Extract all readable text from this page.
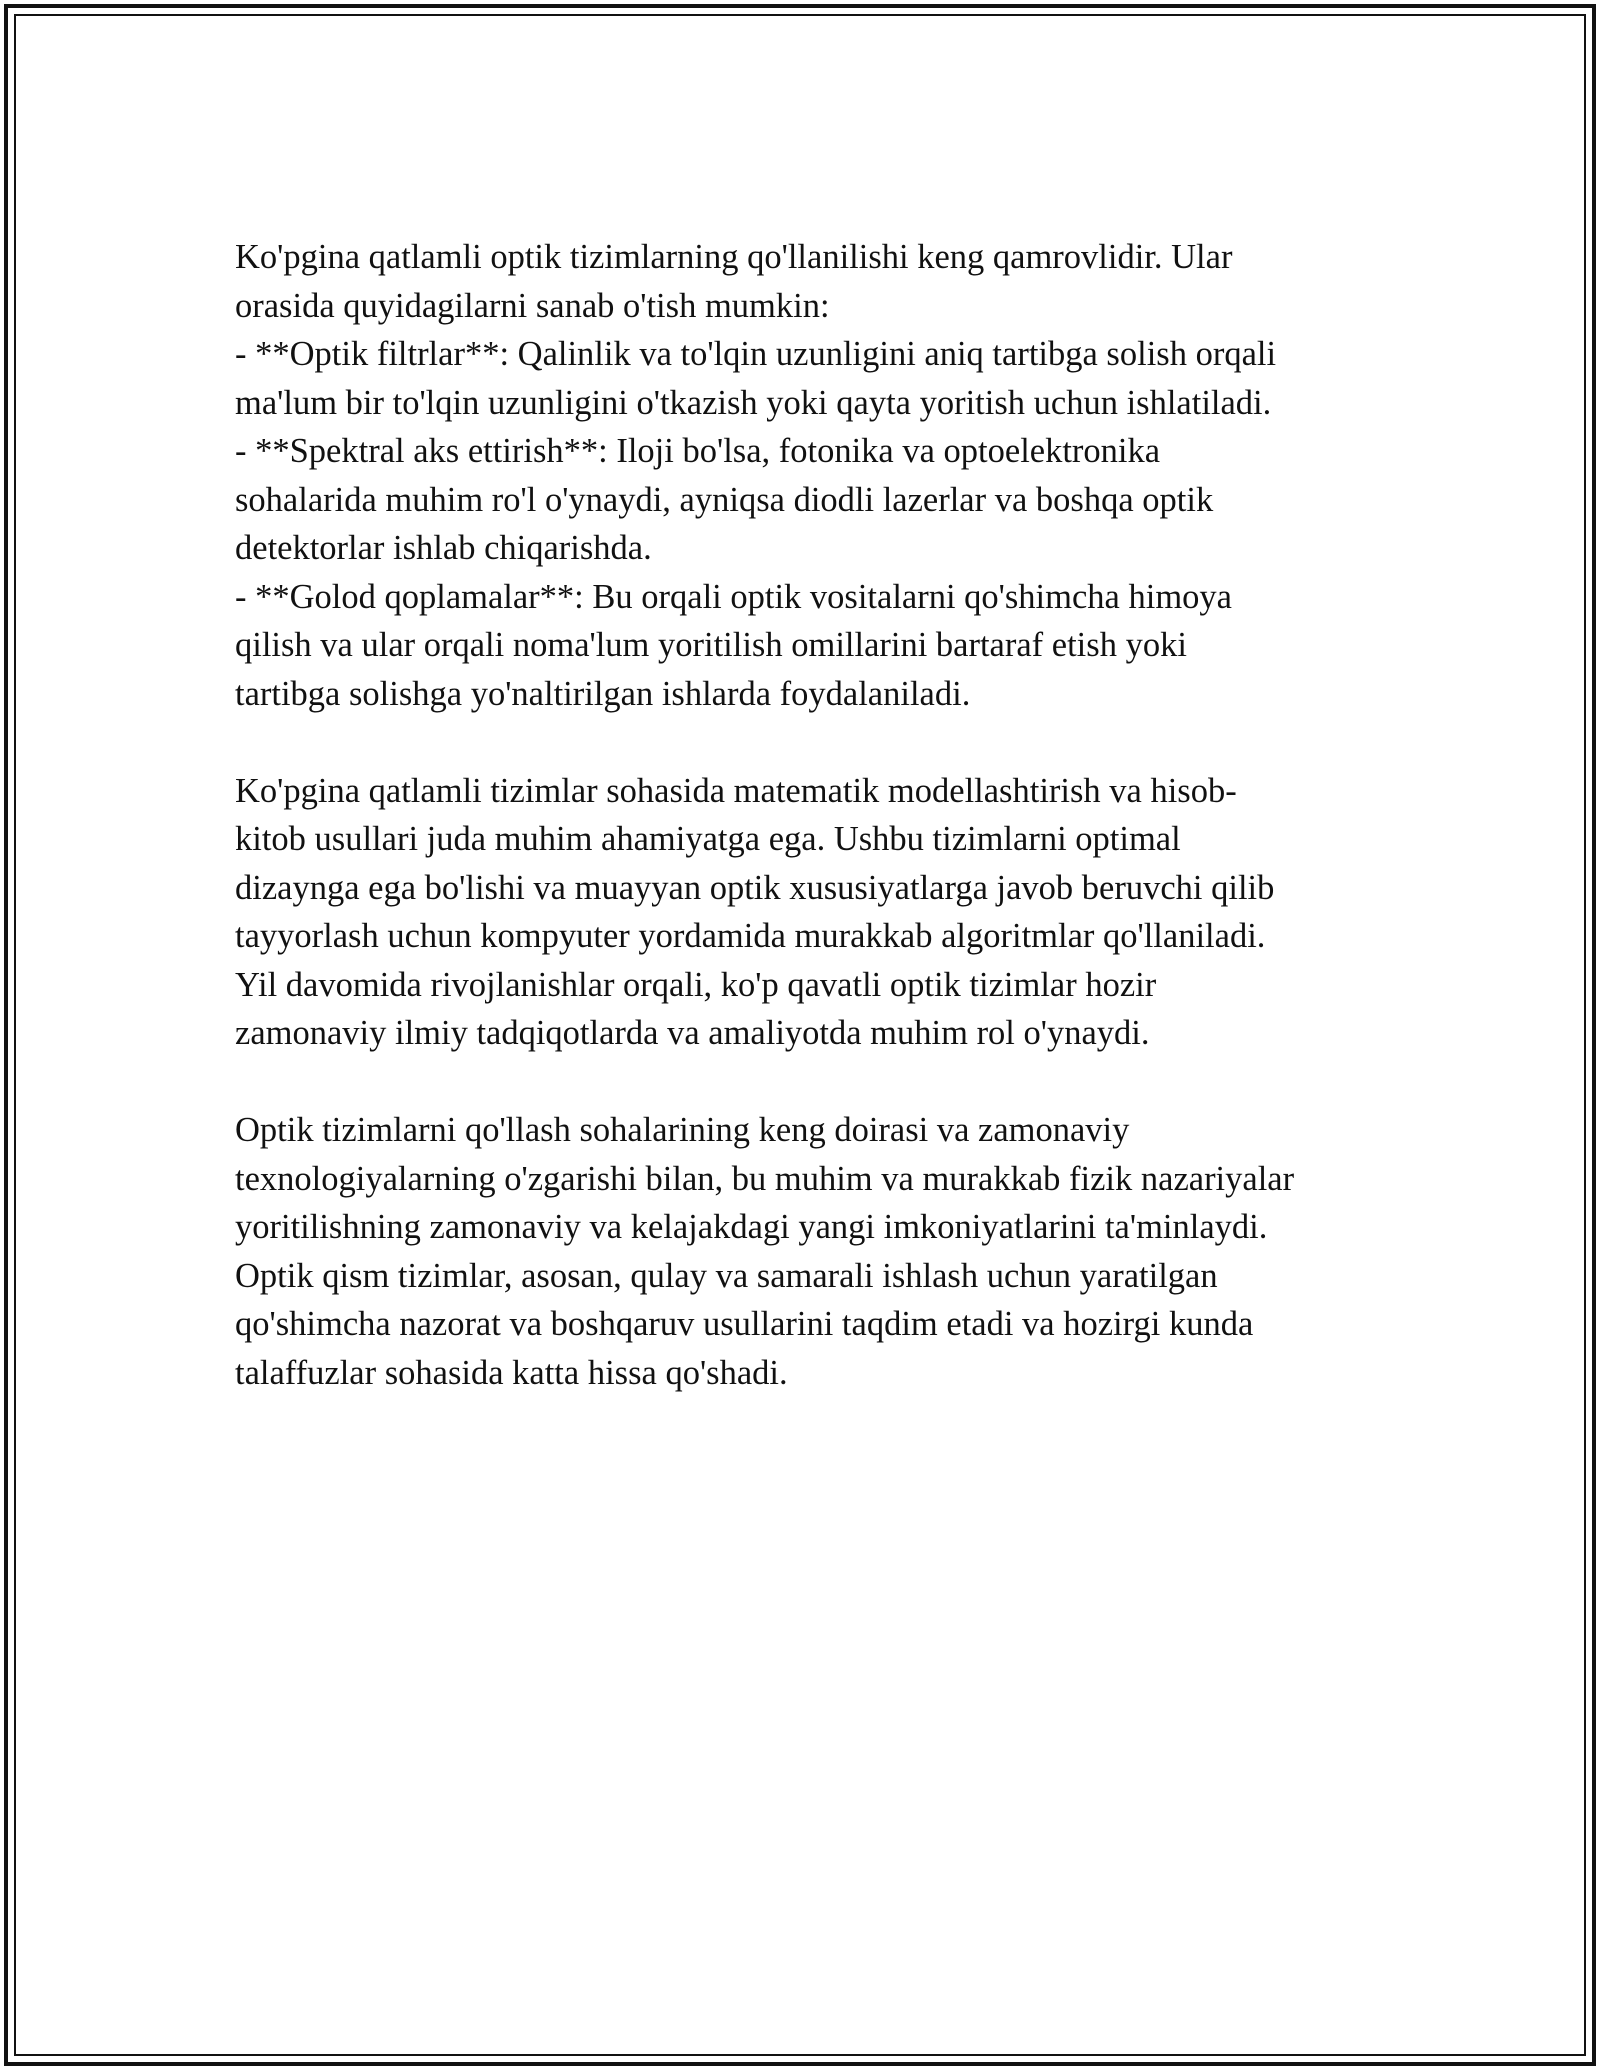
Ko'pgina qatlamli optik tizimlarning qo'llanilishi keng qamrovlidir. Ular
orasida quyidagilarni sanab o'tish mumkin:
- **Optik filtrlar**: Qalinlik va to'lqin uzunligini aniq tartibga solish orqali
ma'lum bir to'lqin uzunligini o'tkazish yoki qayta yoritish uchun ishlatiladi.
- **Spektral aks ettirish**: Iloji bo'lsa, fotonika va optoelektronika
sohalarida muhim ro'l o'ynaydi, ayniqsa diodli lazerlar va boshqa optik
detektorlar ishlab chiqarishda.
- **Golod qoplamalar**: Bu orqali optik vositalarni qo'shimcha himoya
qilish va ular orqali noma'lum yoritilish omillarini bartaraf etish yoki
tartibga solishga yo'naltirilgan ishlarda foydalaniladi.

Ko'pgina qatlamli tizimlar sohasida matematik modellashtirish va hisob-
kitob usullari juda muhim ahamiyatga ega. Ushbu tizimlarni optimal
dizaynga ega bo'lishi va muayyan optik xususiyatlarga javob beruvchi qilib
tayyorlash uchun kompyuter yordamida murakkab algoritmlar qo'llaniladi.
Yil davomida rivojlanishlar orqali, ko'p qavatli optik tizimlar hozir
zamonaviy ilmiy tadqiqotlarda va amaliyotda muhim rol o'ynaydi.

Optik tizimlarni qo'llash sohalarining keng doirasi va zamonaviy
texnologiyalarning o'zgarishi bilan, bu muhim va murakkab fizik nazariyalar
yoritilishning zamonaviy va kelajakdagi yangi imkoniyatlarini ta'minlaydi.
Optik qism tizimlar, asosan, qulay va samarali ishlash uchun yaratilgan
qo'shimcha nazorat va boshqaruv usullarini taqdim etadi va hozirgi kunda
talaffuzlar sohasida katta hissa qo'shadi.
